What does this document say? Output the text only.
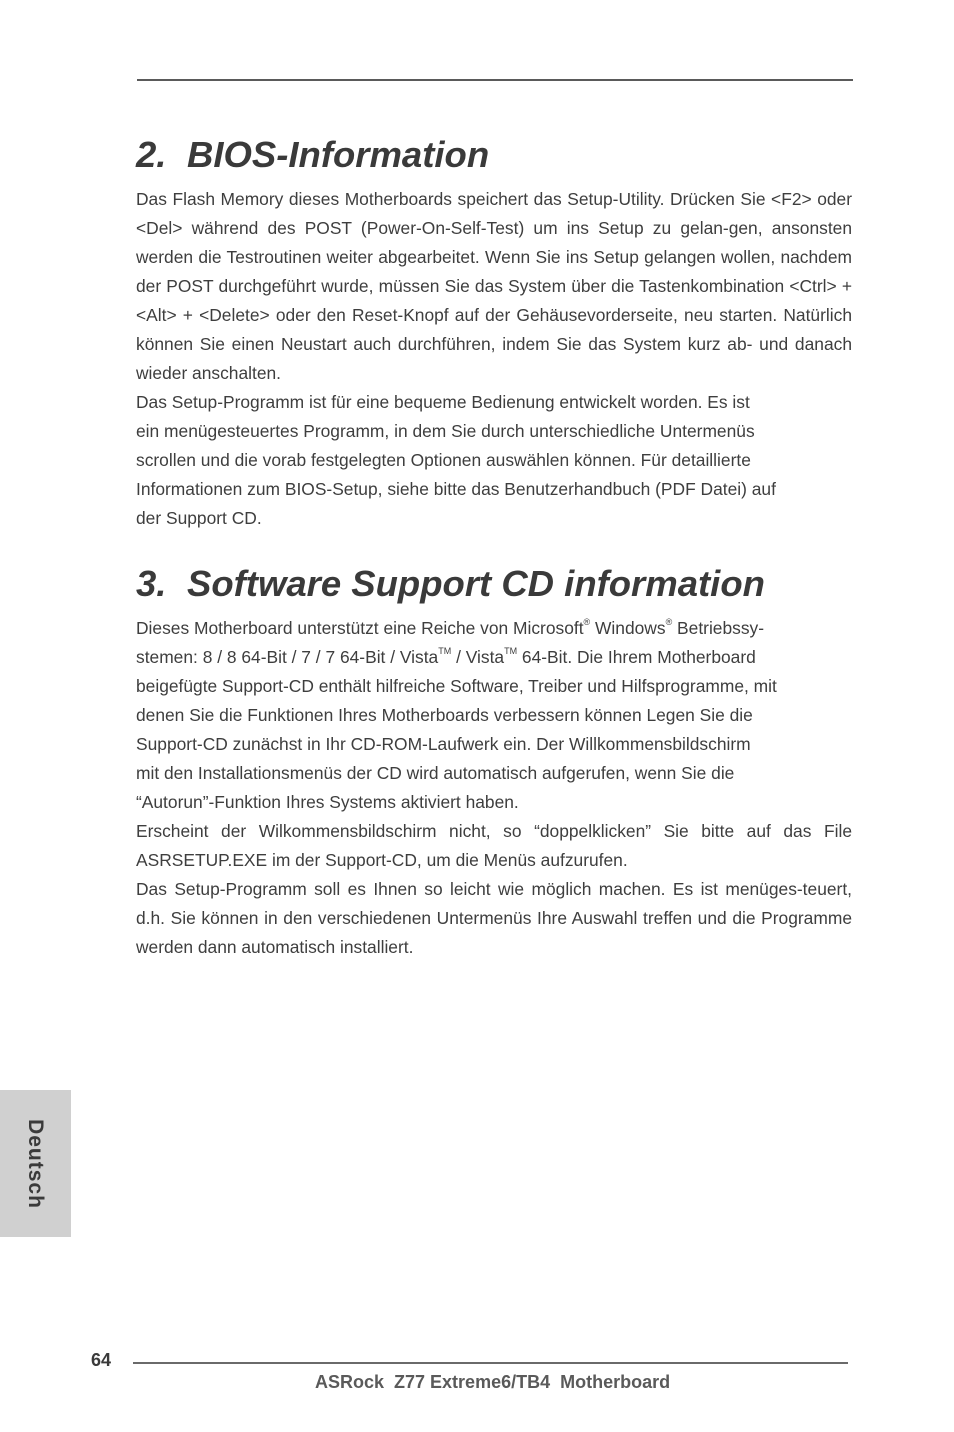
2. BIOS-Information

Das Flash Memory dieses Motherboards speichert das Setup-Utility. Drücken Sie <F2> oder <Del> während des POST (Power-On-Self-Test) um ins Setup zu gelan-gen, ansonsten werden die Testroutinen weiter abgearbeitet. Wenn Sie ins Setup gelangen wollen, nachdem der POST durchgeführt wurde, müssen Sie das System über die Tastenkombination <Ctrl> + <Alt> + <Delete> oder den Reset-Knopf auf der Gehäusevorderseite, neu starten. Natürlich können Sie einen Neustart auch durchführen, indem Sie das System kurz ab- und danach wieder anschalten.

Das Setup-Programm ist für eine bequeme Bedienung entwickelt worden. Es ist
ein menügesteuertes Programm, in dem Sie durch unterschiedliche Untermenüs
scrollen und die vorab festgelegten Optionen auswählen können. Für detaillierte
Informationen zum BIOS-Setup, siehe bitte das Benutzerhandbuch (PDF Datei) auf
der Support CD.

3. Software Support CD information

Dieses Motherboard unterstützt eine Reiche von Microsoft® Windows® Betriebssy-
stemen: 8 / 8 64-Bit / 7 / 7 64-Bit / Vista™ / Vista™ 64-Bit. Die Ihrem Motherboard
beigefügte Support-CD enthält hilfreiche Software, Treiber und Hilfsprogramme, mit
denen Sie die Funktionen Ihres Motherboards verbessern können Legen Sie die
Support-CD zunächst in Ihr CD-ROM-Laufwerk ein. Der Willkommensbildschirm
mit den Installationsmenüs der CD wird automatisch aufgerufen, wenn Sie die
“Autorun”-Funktion Ihres Systems aktiviert haben.

Erscheint der Wilkommensbildschirm nicht, so “doppelklicken” Sie bitte auf das File ASRSETUP.EXE im der Support-CD, um die Menüs aufzurufen.

Das Setup-Programm soll es Ihnen so leicht wie möglich machen. Es ist menüges-teuert, d.h. Sie können in den verschiedenen Untermenüs Ihre Auswahl treffen und die Programme werden dann automatisch installiert.

Deutsch
64
ASRock  Z77 Extreme6/TB4  Motherboard
